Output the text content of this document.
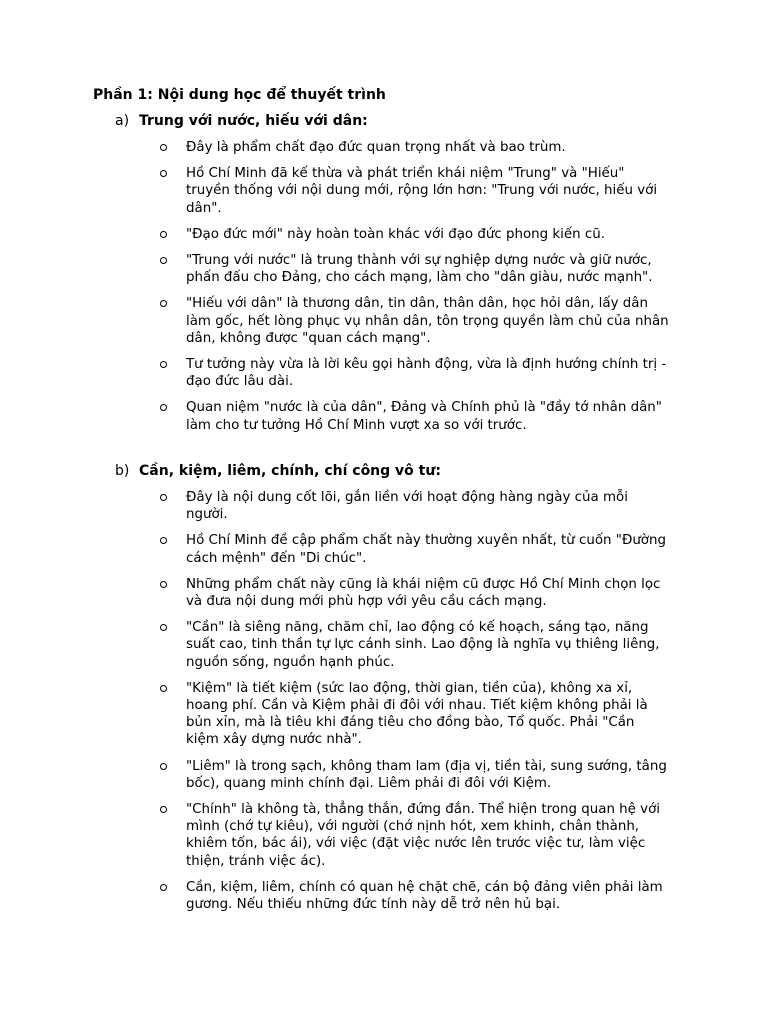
Phần 1: Nội dung học để thuyết trình
a) Trung với nước, hiếu với dân:
Đây là phẩm chất đạo đức quan trọng nhất và bao trùm.
Hồ Chí Minh đã kế thừa và phát triển khái niệm "Trung" và "Hiếu" truyền thống với nội dung mới, rộng lớn hơn: "Trung với nước, hiếu với dân".
"Đạo đức mới" này hoàn toàn khác với đạo đức phong kiến cũ.
"Trung với nước" là trung thành với sự nghiệp dựng nước và giữ nước, phấn đấu cho Đảng, cho cách mạng, làm cho "dân giàu, nước mạnh".
"Hiếu với dân" là thương dân, tin dân, thân dân, học hỏi dân, lấy dân làm gốc, hết lòng phục vụ nhân dân, tôn trọng quyền làm chủ của nhân dân, không được "quan cách mạng".
Tư tưởng này vừa là lời kêu gọi hành động, vừa là định hướng chính trị - đạo đức lâu dài.
Quan niệm "nước là của dân", Đảng và Chính phủ là "đầy tớ nhân dân" làm cho tư tưởng Hồ Chí Minh vượt xa so với trước.
b) Cần, kiệm, liêm, chính, chí công vô tư:
Đây là nội dung cốt lõi, gắn liền với hoạt động hàng ngày của mỗi người.
Hồ Chí Minh đề cập phẩm chất này thường xuyên nhất, từ cuốn "Đường cách mệnh" đến "Di chúc".
Những phẩm chất này cũng là khái niệm cũ được Hồ Chí Minh chọn lọc và đưa nội dung mới phù hợp với yêu cầu cách mạng.
"Cần" là siêng năng, chăm chỉ, lao động có kế hoạch, sáng tạo, năng suất cao, tinh thần tự lực cánh sinh. Lao động là nghĩa vụ thiêng liêng, nguồn sống, nguồn hạnh phúc.
"Kiệm" là tiết kiệm (sức lao động, thời gian, tiền của), không xa xỉ, hoang phí. Cần và Kiệm phải đi đôi với nhau. Tiết kiệm không phải là bủn xỉn, mà là tiêu khi đáng tiêu cho đồng bào, Tổ quốc. Phải "Cần kiệm xây dựng nước nhà".
"Liêm" là trong sạch, không tham lam (địa vị, tiền tài, sung sướng, tâng bốc), quang minh chính đại. Liêm phải đi đôi với Kiệm.
"Chính" là không tà, thẳng thắn, đứng đắn. Thể hiện trong quan hệ với mình (chớ tự kiêu), với người (chớ nịnh hót, xem khinh, chân thành, khiêm tốn, bác ái), với việc (đặt việc nước lên trước việc tư, làm việc thiện, tránh việc ác).
Cần, kiệm, liêm, chính có quan hệ chặt chẽ, cán bộ đảng viên phải làm gương. Nếu thiếu những đức tính này dễ trở nên hủ bại.
